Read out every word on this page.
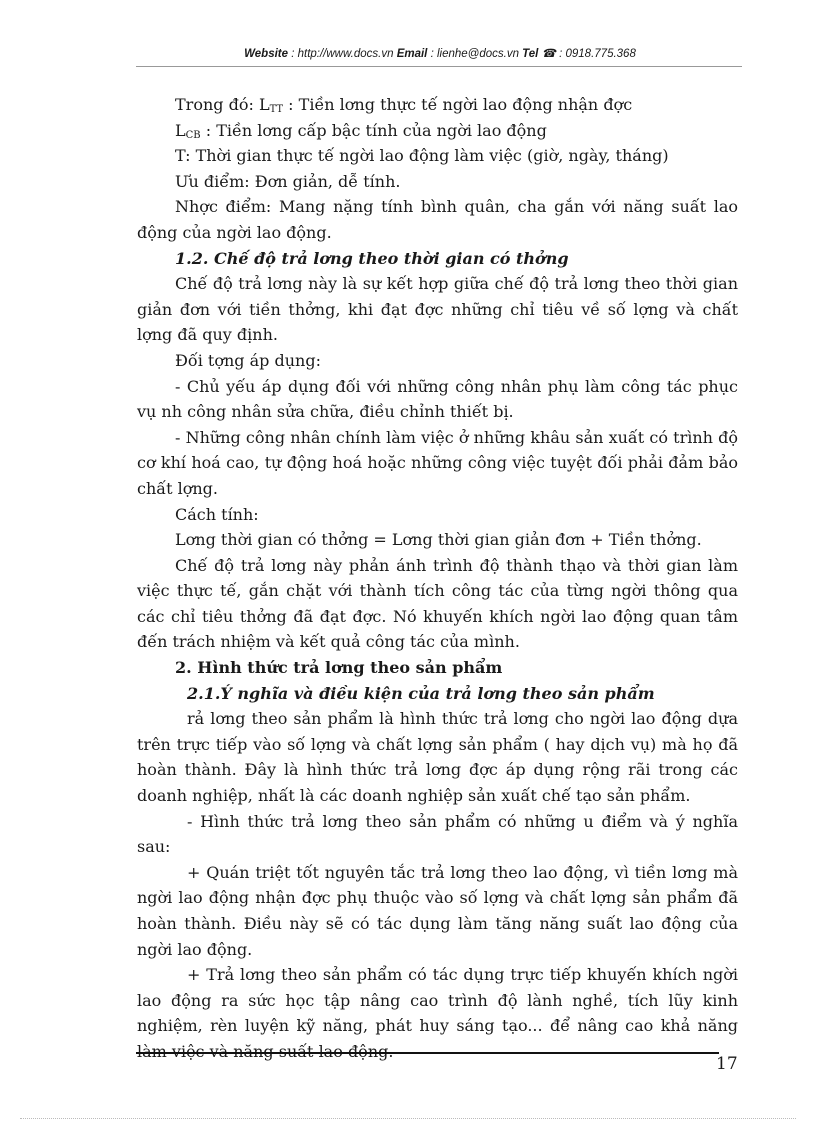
Website : http://www.docs.vn Email : lienhe@docs.vn Tel ☎ : 0918.775.368

Trong đó: $L_{TT}$ : Tiền lơng thực tế ngời lao động nhận đợc

$L_{CB}$ : Tiền lơng cấp bậc tính của ngời lao động

T: Thời gian thực tế ngời lao động làm việc (giờ, ngày, tháng)

Ưu điểm: Đơn giản, dễ tính.

Nhợc điểm: Mang nặng tính bình quân, cha gắn với năng suất lao động của ngời lao động.

1.2. Chế độ trả lơng theo thời gian có thởng

Chế độ trả lơng này là sự kết hợp giữa chế độ trả lơng theo thời gian giản đơn với tiền thởng, khi đạt đợc những chỉ tiêu về số lợng và chất lợng đã quy định.

Đối tợng áp dụng:

- Chủ yếu áp dụng đối với những công nhân phụ làm công tác phục vụ nh công nhân sửa chữa, điều chỉnh thiết bị.

- Những công nhân chính làm việc ở những khâu sản xuất có trình độ cơ khí hoá cao, tự động hoá hoặc những công việc tuyệt đối phải đảm bảo chất lợng.

Cách tính:

Lơng thời gian có thởng = Lơng thời gian giản đơn + Tiền thởng.

Chế độ trả lơng này phản ánh trình độ thành thạo và thời gian làm việc thực tế, gắn chặt với thành tích công tác của từng ngời thông qua các chỉ tiêu thởng đã đạt đợc. Nó khuyến khích ngời lao động quan tâm đến trách nhiệm và kết quả công tác của mình.

2. Hình thức trả lơng theo sản phẩm

2.1.Ý nghĩa và điều kiện của trả lơng theo sản phẩm

rả lơng theo sản phẩm là hình thức trả lơng cho ngời lao động dựa trên trực tiếp vào số lợng và chất lợng sản phẩm ( hay dịch vụ) mà họ đã hoàn thành. Đây là hình thức trả lơng đợc áp dụng rộng rãi trong các doanh nghiệp, nhất là các doanh nghiệp sản xuất chế tạo sản phẩm.

- Hình thức trả lơng theo sản phẩm có những u điểm và ý nghĩa sau:

+ Quán triệt tốt nguyên tắc trả lơng theo lao động, vì tiền lơng mà ngời lao động nhận đợc phụ thuộc vào số lợng và chất lợng sản phẩm đã hoàn thành. Điều này sẽ có tác dụng làm tăng năng suất lao động của ngời lao động.

+ Trả lơng theo sản phẩm có tác dụng trực tiếp khuyến khích ngời lao động ra sức học tập nâng cao trình độ lành nghề, tích lũy kinh nghiệm, rèn luyện kỹ năng, phát huy sáng tạo... để nâng cao khả năng làm việc và năng suất lao động.

17
